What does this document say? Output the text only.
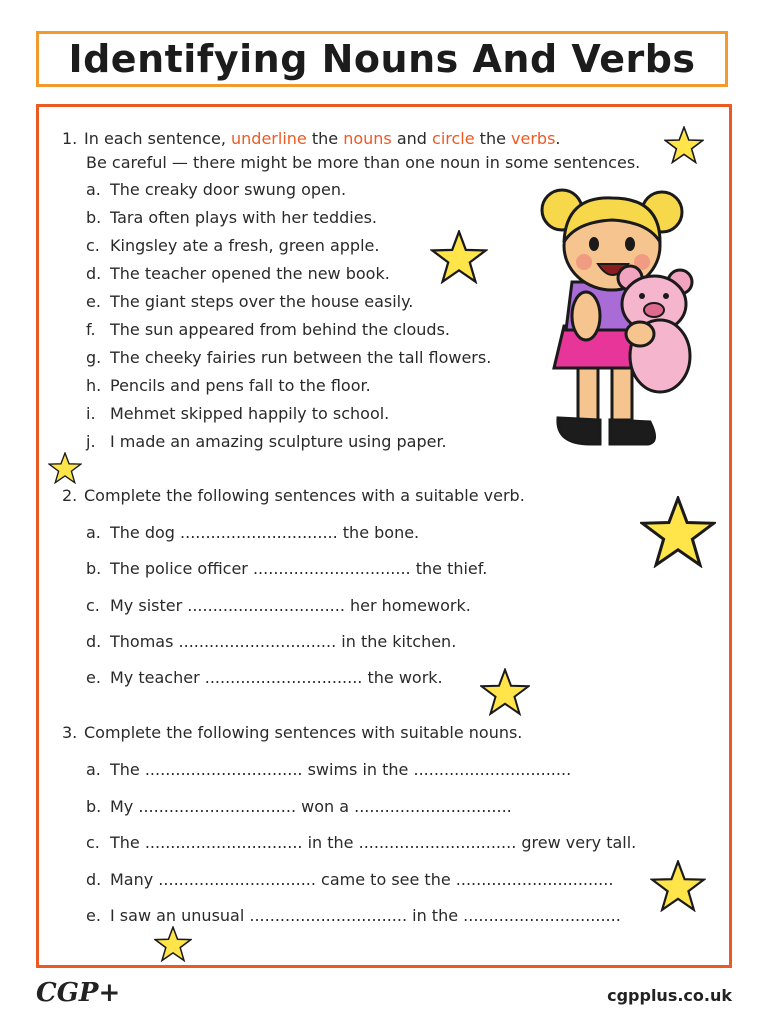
Identifying Nouns And Verbs
1. In each sentence, underline the nouns and circle the verbs.
Be careful — there might be more than one noun in some sentences.
a. The creaky door swung open.
b. Tara often plays with her teddies.
c. Kingsley ate a fresh, green apple.
d. The teacher opened the new book.
e. The giant steps over the house easily.
f. The sun appeared from behind the clouds.
g. The cheeky fairies run between the tall flowers.
h. Pencils and pens fall to the floor.
i. Mehmet skipped happily to school.
j. I made an amazing sculpture using paper.
2. Complete the following sentences with a suitable verb.
a. The dog ............................... the bone.
b. The police officer ............................... the thief.
c. My sister ............................... her homework.
d. Thomas ............................... in the kitchen.
e. My teacher ............................... the work.
3. Complete the following sentences with suitable nouns.
a. The ............................... swims in the ...............................
b. My ............................... won a ...............................
c. The ............................... in the ............................... grew very tall.
d. Many ............................... came to see the ...............................
e. I saw an unusual ............................... in the ...............................
CGP+	cgpplus.co.uk
